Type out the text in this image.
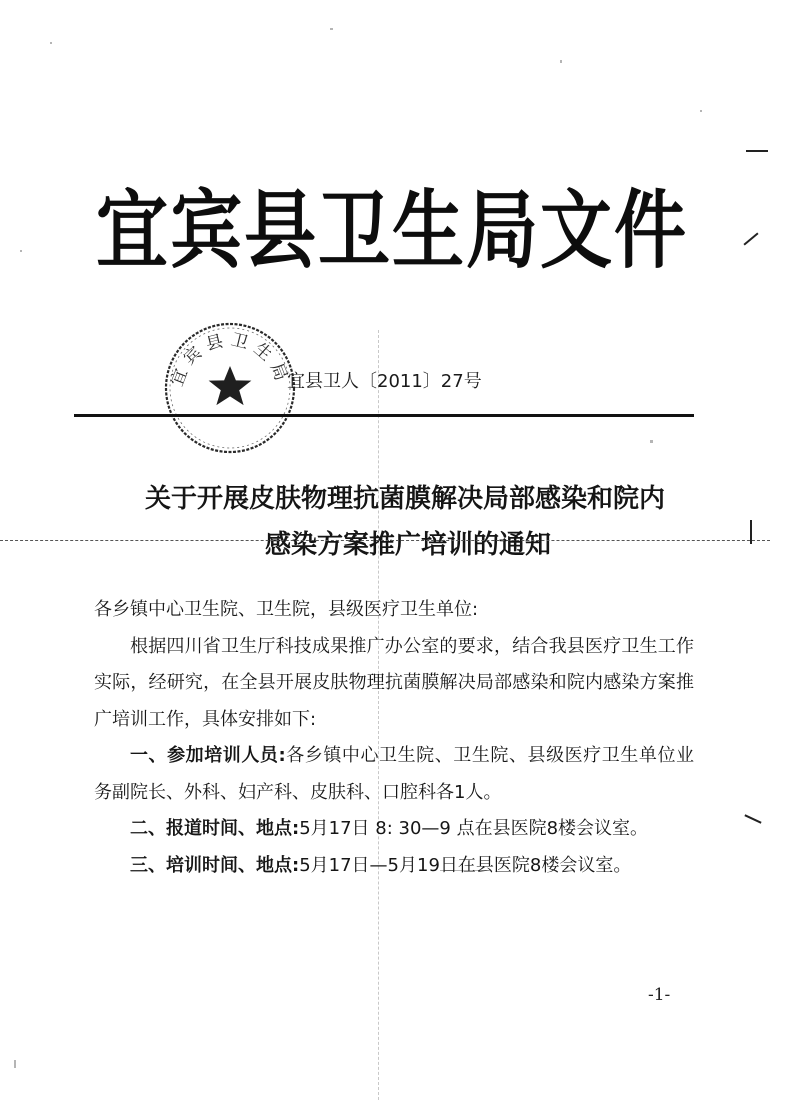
宜宾县卫生局文件
宜宾县卫生局
宜县卫人〔2011〕27号
关于开展皮肤物理抗菌膜解决局部感染和院内
感染方案推广培训的通知

各乡镇中心卫生院、卫生院，县级医疗卫生单位:

根据四川省卫生厅科技成果推广办公室的要求，结合我县医疗卫生工作实际，经研究，在全县开展皮肤物理抗菌膜解决局部感染和院内感染方案推广培训工作，具体安排如下:

一、参加培训人员:各乡镇中心卫生院、卫生院、县级医疗卫生单位业务副院长、外科、妇产科、皮肤科、口腔科各1人。

二、报道时间、地点:5月17日 8: 30—9 点在县医院8楼会议室。

三、培训时间、地点:5月17日—5月19日在县医院8楼会议室。

-1-
